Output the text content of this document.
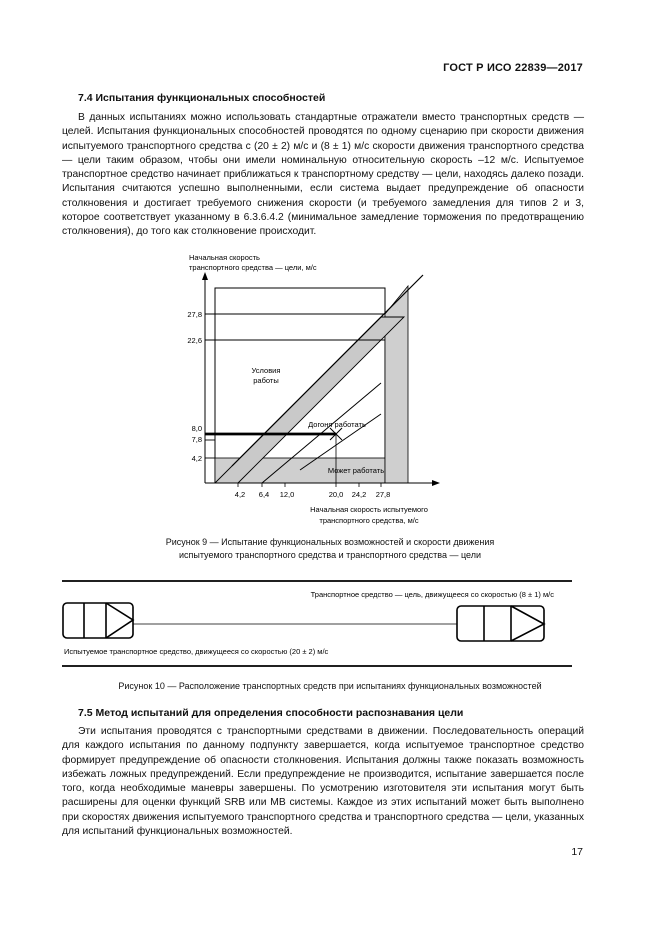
ГОСТ Р ИСО 22839—2017
7.4 Испытания функциональных способностей

В данных испытаниях можно использовать стандартные отражатели вместо транспортных средств — целей. Испытания функциональных способностей проводятся по одному сценарию при скорости движения испытуемого транспортного средства с (20 ± 2) м/с и (8 ± 1) м/с скорости движения транспортного средства — цели таким образом, чтобы они имели номинальную относительную скорость –12 м/с. Испытуемое транспортное средство начинает приближаться к транспортному средству — цели, находясь далеко позади. Испытания считаются успешно выполненными, если система выдает предупреждение об опасности столкновения и достигает требуемого снижения скорости (и требуемого замедления для типов 2 и 3, которое соответствует указанному в 6.3.6.4.2 (минимальное замедление торможения по предотвращению столкновения), до того как столкновение происходит.

Начальная скорость
транспортного средства — цели, м/с
27,8
22,6
8,0
7,8
4,2
4,2 6,4 12,0	20,0 24,2 27,8
Начальная скорость испытуемого
транспортного средства, м/с
Условия
работы
Догоня работать
Может работать
Рисунок 9 — Испытание функциональных возможностей и скорости движения
испытуемого транспортного средства и транспортного средства — цели
Транспортное средство — цель, движущееся со скоростью (8 ± 1) м/с
Испытуемое транспортное средство, движущееся со скоростью (20 ± 2) м/с
Рисунок 10 — Расположение транспортных средств при испытаниях функциональных возможностей
7.5 Метод испытаний для определения способности распознавания цели

Эти испытания проводятся с транспортными средствами в движении. Последовательность операций для каждого испытания по данному подпункту завершается, когда испытуемое транспортное средство формирует предупреждение об опасности столкновения. Испытания должны также показать возможность избежать ложных предупреждений. Если предупреждение не производится, испытание завершается после того, когда необходимые маневры завершены. По усмотрению изготовителя эти испытания могут быть расширены для оценки функций SRB или MB системы. Каждое из этих испытаний может быть выполнено при скоростях движения испытуемого транспортного средства и транспортного средства — цели, указанных для испытаний функциональных возможностей.

17
